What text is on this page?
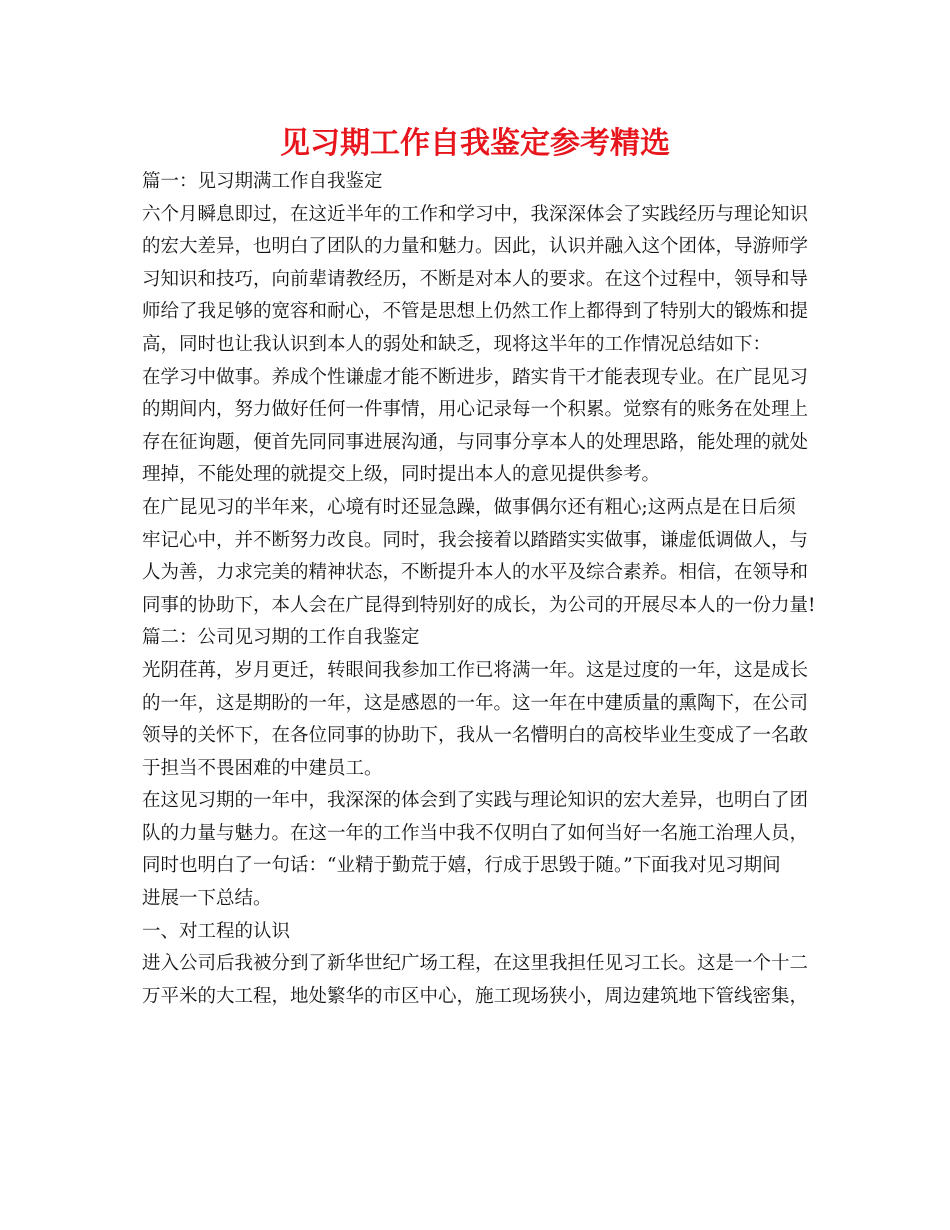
见习期工作自我鉴定参考精选
篇一：见习期满工作自我鉴定
六个月瞬息即过，在这近半年的工作和学习中，我深深体会了实践经历与理论知识
的宏大差异，也明白了团队的力量和魅力。因此，认识并融入这个团体，导游师学
习知识和技巧，向前辈请教经历，不断是对本人的要求。在这个过程中，领导和导
师给了我足够的宽容和耐心，不管是思想上仍然工作上都得到了特别大的锻炼和提
高，同时也让我认识到本人的弱处和缺乏，现将这半年的工作情况总结如下：
在学习中做事。养成个性谦虚才能不断进步，踏实肯干才能表现专业。在广昆见习
的期间内，努力做好任何一件事情，用心记录每一个积累。觉察有的账务在处理上
存在征询题，便首先同同事进展沟通，与同事分享本人的处理思路，能处理的就处
理掉，不能处理的就提交上级，同时提出本人的意见提供参考。
在广昆见习的半年来，心境有时还显急躁，做事偶尔还有粗心;这两点是在日后须
牢记心中，并不断努力改良。同时，我会接着以踏踏实实做事，谦虚低调做人，与
人为善，力求完美的精神状态，不断提升本人的水平及综合素养。相信，在领导和
同事的协助下，本人会在广昆得到特别好的成长，为公司的开展尽本人的一份力量!
篇二：公司见习期的工作自我鉴定
光阴荏苒，岁月更迁，转眼间我参加工作已将满一年。这是过度的一年，这是成长
的一年，这是期盼的一年，这是感恩的一年。这一年在中建质量的熏陶下，在公司
领导的关怀下，在各位同事的协助下，我从一名懵明白的高校毕业生变成了一名敢
于担当不畏困难的中建员工。
在这见习期的一年中，我深深的体会到了实践与理论知识的宏大差异，也明白了团
队的力量与魅力。在这一年的工作当中我不仅明白了如何当好一名施工治理人员，
同时也明白了一句话：“业精于勤荒于嬉，行成于思毁于随。”下面我对见习期间
进展一下总结。
一、对工程的认识
进入公司后我被分到了新华世纪广场工程，在这里我担任见习工长。这是一个十二
万平米的大工程，地处繁华的市区中心，施工现场狭小，周边建筑地下管线密集，
